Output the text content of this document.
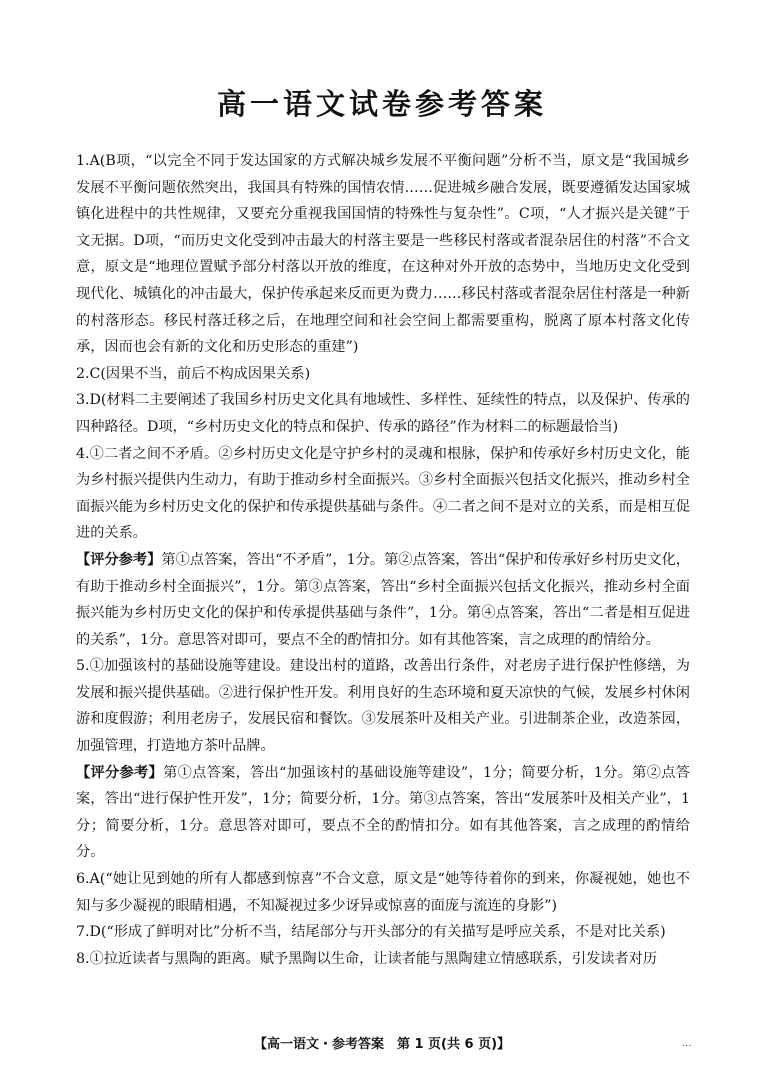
高一语文试卷参考答案
1.A(B项，“以完全不同于发达国家的方式解决城乡发展不平衡问题”分析不当，原文是“我国城乡发展不平衡问题依然突出，我国具有特殊的国情农情……促进城乡融合发展，既要遵循发达国家城镇化进程中的共性规律，又要充分重视我国国情的特殊性与复杂性”。C项，“人才振兴是关键”于文无据。D项，“而历史文化受到冲击最大的村落主要是一些移民村落或者混杂居住的村落”不合文意，原文是“地理位置赋予部分村落以开放的维度，在这种对外开放的态势中，当地历史文化受到现代化、城镇化的冲击最大，保护传承起来反而更为费力……移民村落或者混杂居住村落是一种新的村落形态。移民村落迁移之后，在地理空间和社会空间上都需要重构，脱离了原本村落文化传承，因而也会有新的文化和历史形态的重建”)
2.C(因果不当，前后不构成因果关系)
3.D(材料二主要阐述了我国乡村历史文化具有地域性、多样性、延续性的特点，以及保护、传承的四种路径。D项，“乡村历史文化的特点和保护、传承的路径”作为材料二的标题最恰当)
4.①二者之间不矛盾。②乡村历史文化是守护乡村的灵魂和根脉，保护和传承好乡村历史文化，能为乡村振兴提供内生动力，有助于推动乡村全面振兴。③乡村全面振兴包括文化振兴，推动乡村全面振兴能为乡村历史文化的保护和传承提供基础与条件。④二者之间不是对立的关系，而是相互促进的关系。
【评分参考】第①点答案，答出“不矛盾”，1分。第②点答案，答出“保护和传承好乡村历史文化，有助于推动乡村全面振兴”，1分。第③点答案，答出“乡村全面振兴包括文化振兴，推动乡村全面振兴能为乡村历史文化的保护和传承提供基础与条件”，1分。第④点答案，答出“二者是相互促进的关系”，1分。意思答对即可，要点不全的酌情扣分。如有其他答案，言之成理的酌情给分。
5.①加强该村的基础设施等建设。建设出村的道路，改善出行条件，对老房子进行保护性修缮，为发展和振兴提供基础。②进行保护性开发。利用良好的生态环境和夏天凉快的气候，发展乡村休闲游和度假游；利用老房子，发展民宿和餐饮。③发展茶叶及相关产业。引进制茶企业，改造茶园，加强管理，打造地方茶叶品牌。
【评分参考】第①点答案，答出“加强该村的基础设施等建设”，1分；简要分析，1分。第②点答案，答出“进行保护性开发”，1分；简要分析，1分。第③点答案，答出“发展茶叶及相关产业”，1分；简要分析，1分。意思答对即可，要点不全的酌情扣分。如有其他答案，言之成理的酌情给分。
6.A(“她让见到她的所有人都感到惊喜”不合文意，原文是“她等待着你的到来，你凝视她，她也不知与多少凝视的眼睛相遇，不知凝视过多少讶异或惊喜的面庞与流连的身影”)
7.D(“形成了鲜明对比”分析不当，结尾部分与开头部分的有关描写是呼应关系，不是对比关系)
8.①拉近读者与黑陶的距离。赋予黑陶以生命，让读者能与黑陶建立情感联系，引发读者对历
【高一语文・参考答案　第 1 页(共 6 页)】	...
